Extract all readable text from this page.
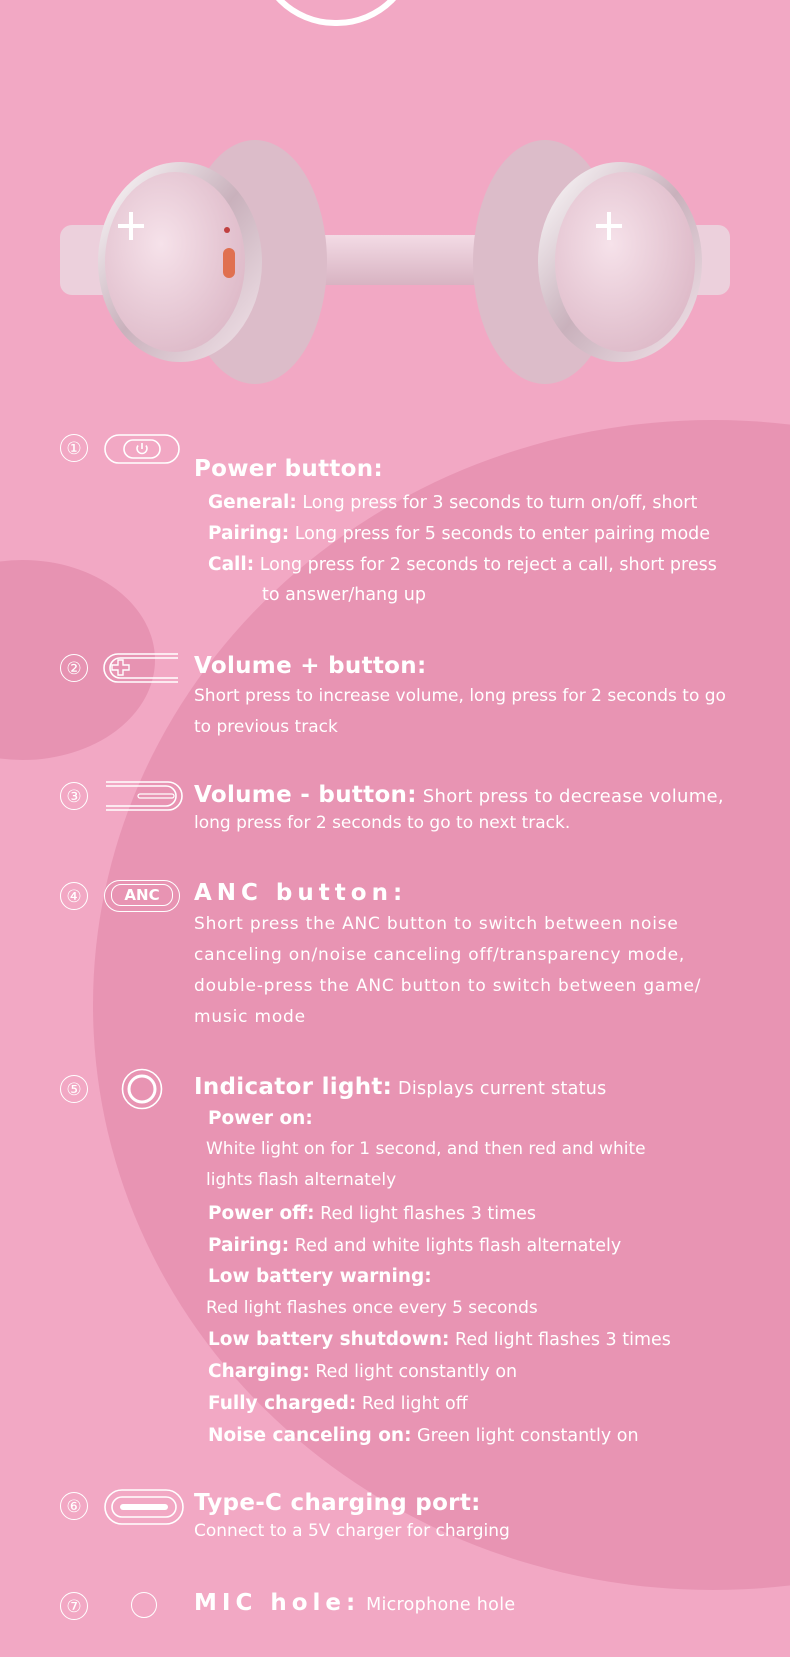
①
Power button:
General: Long press for 3 seconds to turn on/off, short
Pairing: Long press for 5 seconds to enter pairing mode
Call: Long press for 2 seconds to reject a call, short press
to answer/hang up
②	Volume + button:
Short press to increase volume, long press for 2 seconds to go to previous track
③	Volume - button: Short press to decrease volume,
long press for 2 seconds to go to next track.
④	ANC	ANC button:
Short press the ANC button to switch between noise canceling on/noise canceling off/transparency mode, double-press the ANC button to switch between game/ music mode
⑤	Indicator light: Displays current status
Power on:
White light on for 1 second, and then red and white
lights flash alternately
Power off: Red light flashes 3 times
Pairing: Red and white lights flash alternately
Low battery warning:
Red light flashes once every 5 seconds
Low battery shutdown: Red light flashes 3 times
Charging: Red light constantly on
Fully charged: Red light off
Noise canceling on: Green light constantly on
⑥	Type-C charging port:
Connect to a 5V charger for charging
⑦	MIC hole: Microphone hole
